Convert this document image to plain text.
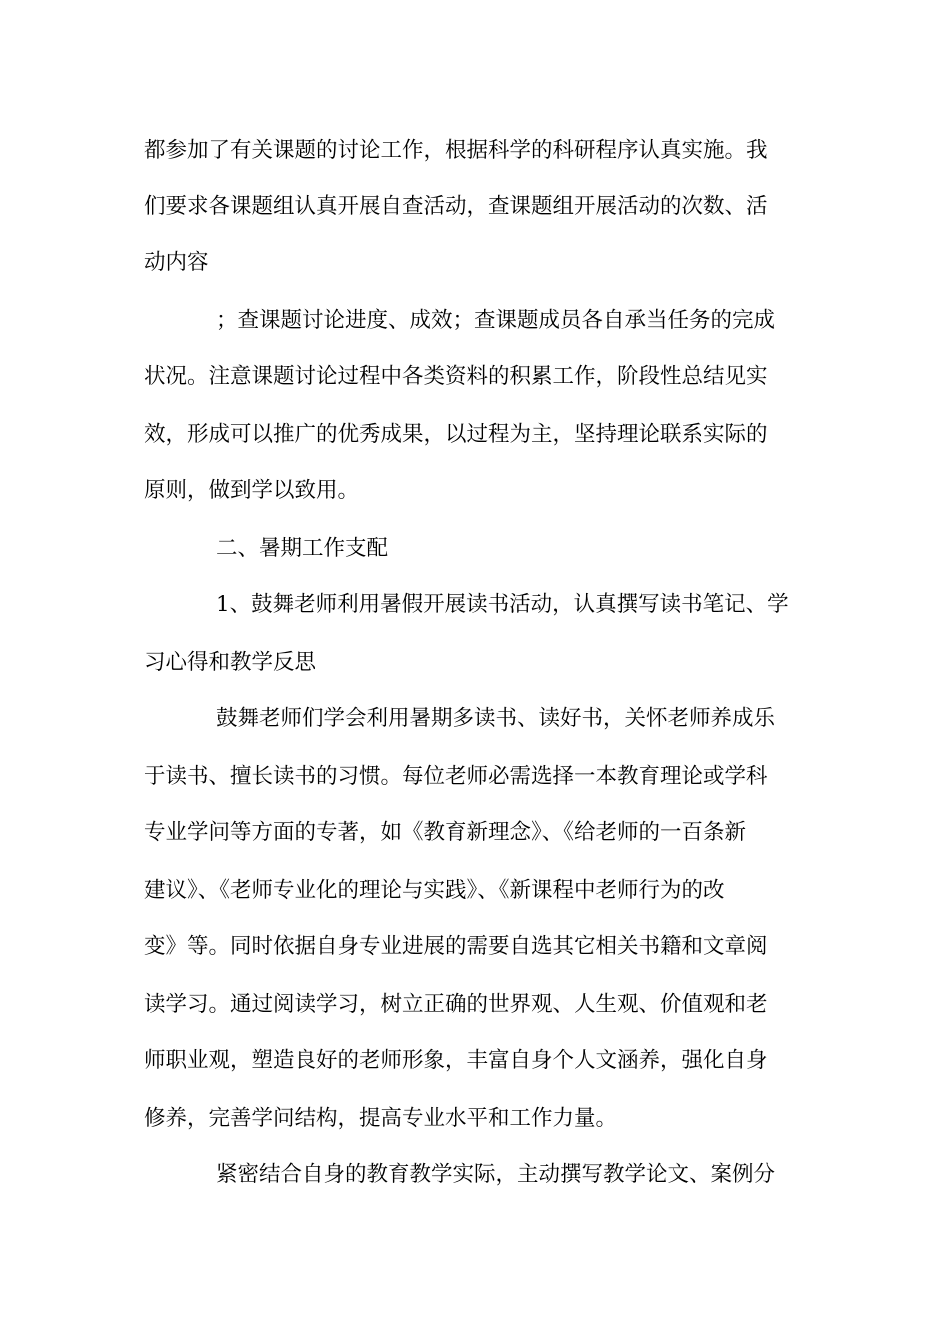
都参加了有关课题的讨论工作，根据科学的科研程序认真实施。我
们要求各课题组认真开展自查活动，查课题组开展活动的次数、活
动内容
；查课题讨论进度、成效；查课题成员各自承当任务的完成
状况。注意课题讨论过程中各类资料的积累工作，阶段性总结见实
效，形成可以推广的优秀成果，以过程为主，坚持理论联系实际的
原则，做到学以致用。
二、暑期工作支配
1、鼓舞老师利用暑假开展读书活动，认真撰写读书笔记、学
习心得和教学反思
鼓舞老师们学会利用暑期多读书、读好书，关怀老师养成乐
于读书、擅长读书的习惯。每位老师必需选择一本教育理论或学科
专业学问等方面的专著，如《教育新理念》、《给老师的一百条新
建议》、《老师专业化的理论与实践》、《新课程中老师行为的改
变》等。同时依据自身专业进展的需要自选其它相关书籍和文章阅
读学习。通过阅读学习，树立正确的世界观、人生观、价值观和老
师职业观，塑造良好的老师形象，丰富自身个人文涵养，强化自身
修养，完善学问结构，提高专业水平和工作力量。
紧密结合自身的教育教学实际，主动撰写教学论文、案例分
